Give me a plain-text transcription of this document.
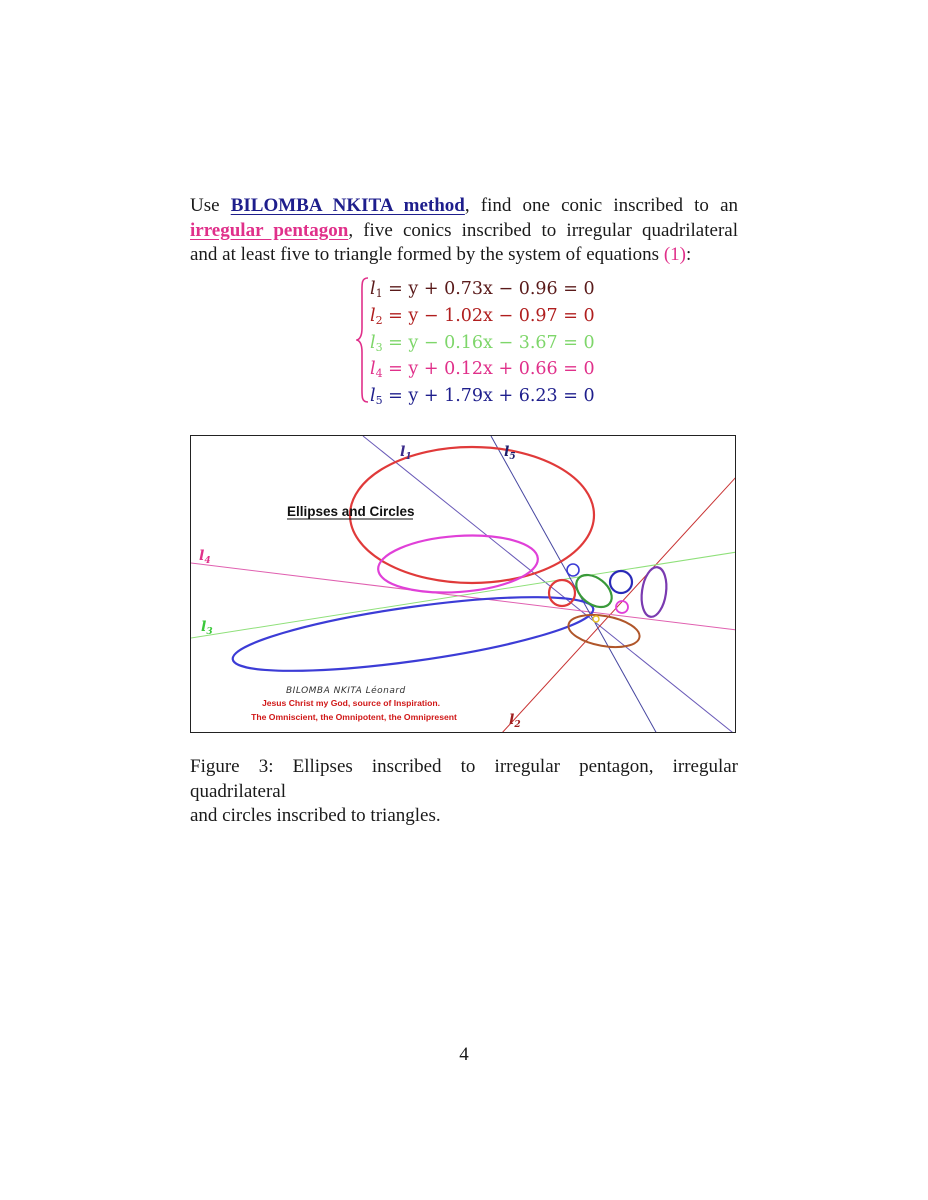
Use BILOMBA NKITA method, find one conic inscribed to an
irregular pentagon, five conics inscribed to irregular quadrilateral
and at least five to triangle formed by the system of equations (1):
$l_1 = y + 0.73x - 0.96 = 0$
$l_2 = y - 1.02x - 0.97 = 0$
$l_3 = y - 0.16x - 3.67 = 0$
$l_4 = y + 0.12x + 0.66 = 0$
$l_5 = y + 1.79x + 6.23 = 0$
$l_1$	$l_5$
$l_4$
$l_3$
$l_2$
Ellipses and Circles
BILOMBA NKITA Léonard
Jesus Christ my God, source of Inspiration.
The Omniscient, the Omnipotent, the Omnipresent
Figure 3: Ellipses inscribed to irregular pentagon, irregular quadrilateral
and circles inscribed to triangles.
4
